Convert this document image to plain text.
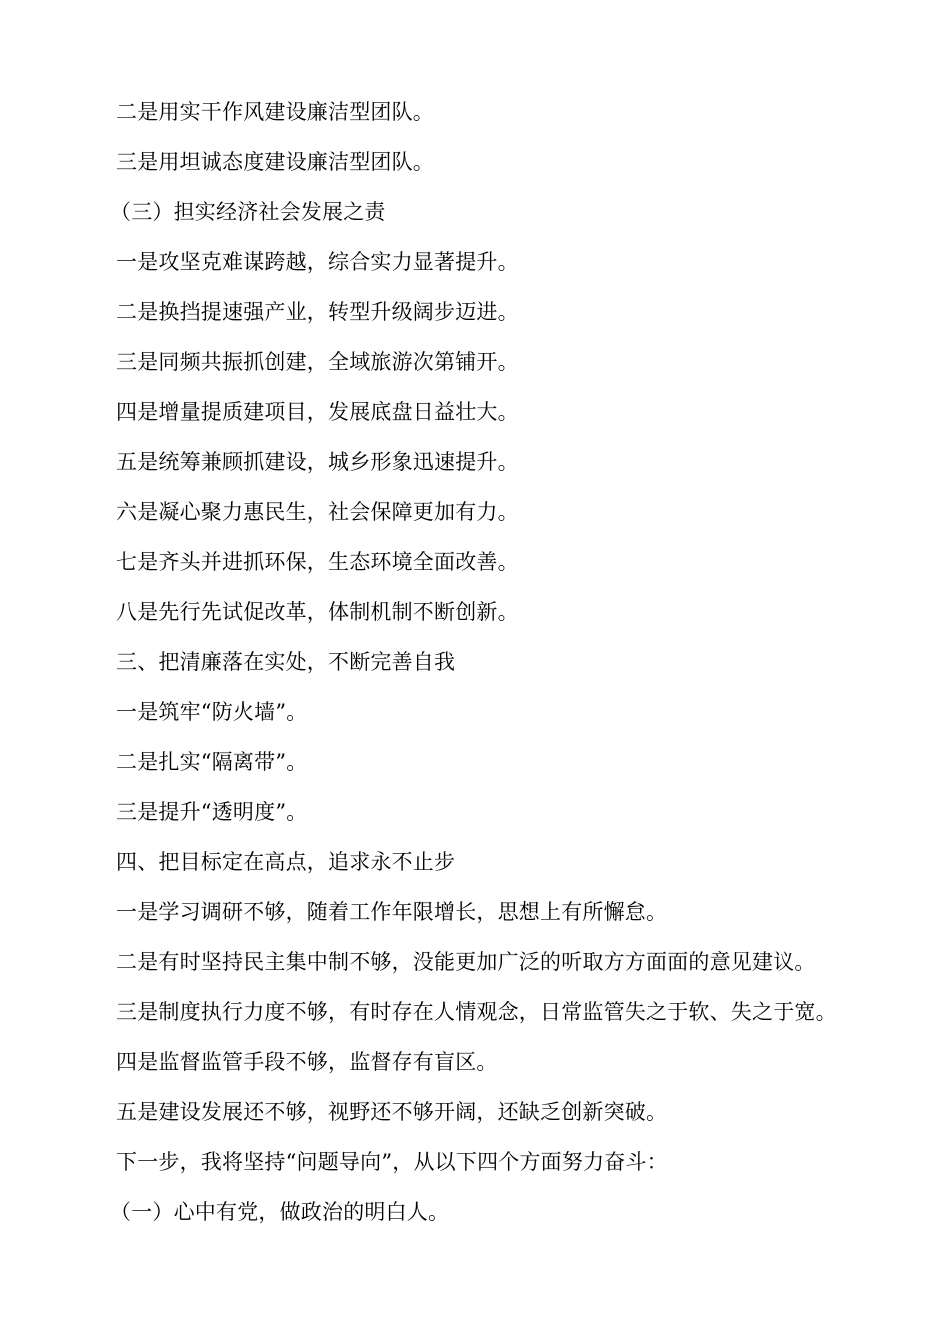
二是用实干作风建设廉洁型团队。
三是用坦诚态度建设廉洁型团队。
（三）担实经济社会发展之责
一是攻坚克难谋跨越，综合实力显著提升。
二是换挡提速强产业，转型升级阔步迈进。
三是同频共振抓创建，全域旅游次第铺开。
四是增量提质建项目，发展底盘日益壮大。
五是统筹兼顾抓建设，城乡形象迅速提升。
六是凝心聚力惠民生，社会保障更加有力。
七是齐头并进抓环保，生态环境全面改善。
八是先行先试促改革，体制机制不断创新。
三、把清廉落在实处，不断完善自我
一是筑牢“防火墙”。
二是扎实“隔离带”。
三是提升“透明度”。
四、把目标定在高点，追求永不止步
一是学习调研不够，随着工作年限增长，思想上有所懈怠。
二是有时坚持民主集中制不够，没能更加广泛的听取方方面面的意见建议。
三是制度执行力度不够，有时存在人情观念，日常监管失之于软、失之于宽。
四是监督监管手段不够，监督存有盲区。
五是建设发展还不够，视野还不够开阔，还缺乏创新突破。
下一步，我将坚持“问题导向”，从以下四个方面努力奋斗：
（一）心中有党，做政治的明白人。
